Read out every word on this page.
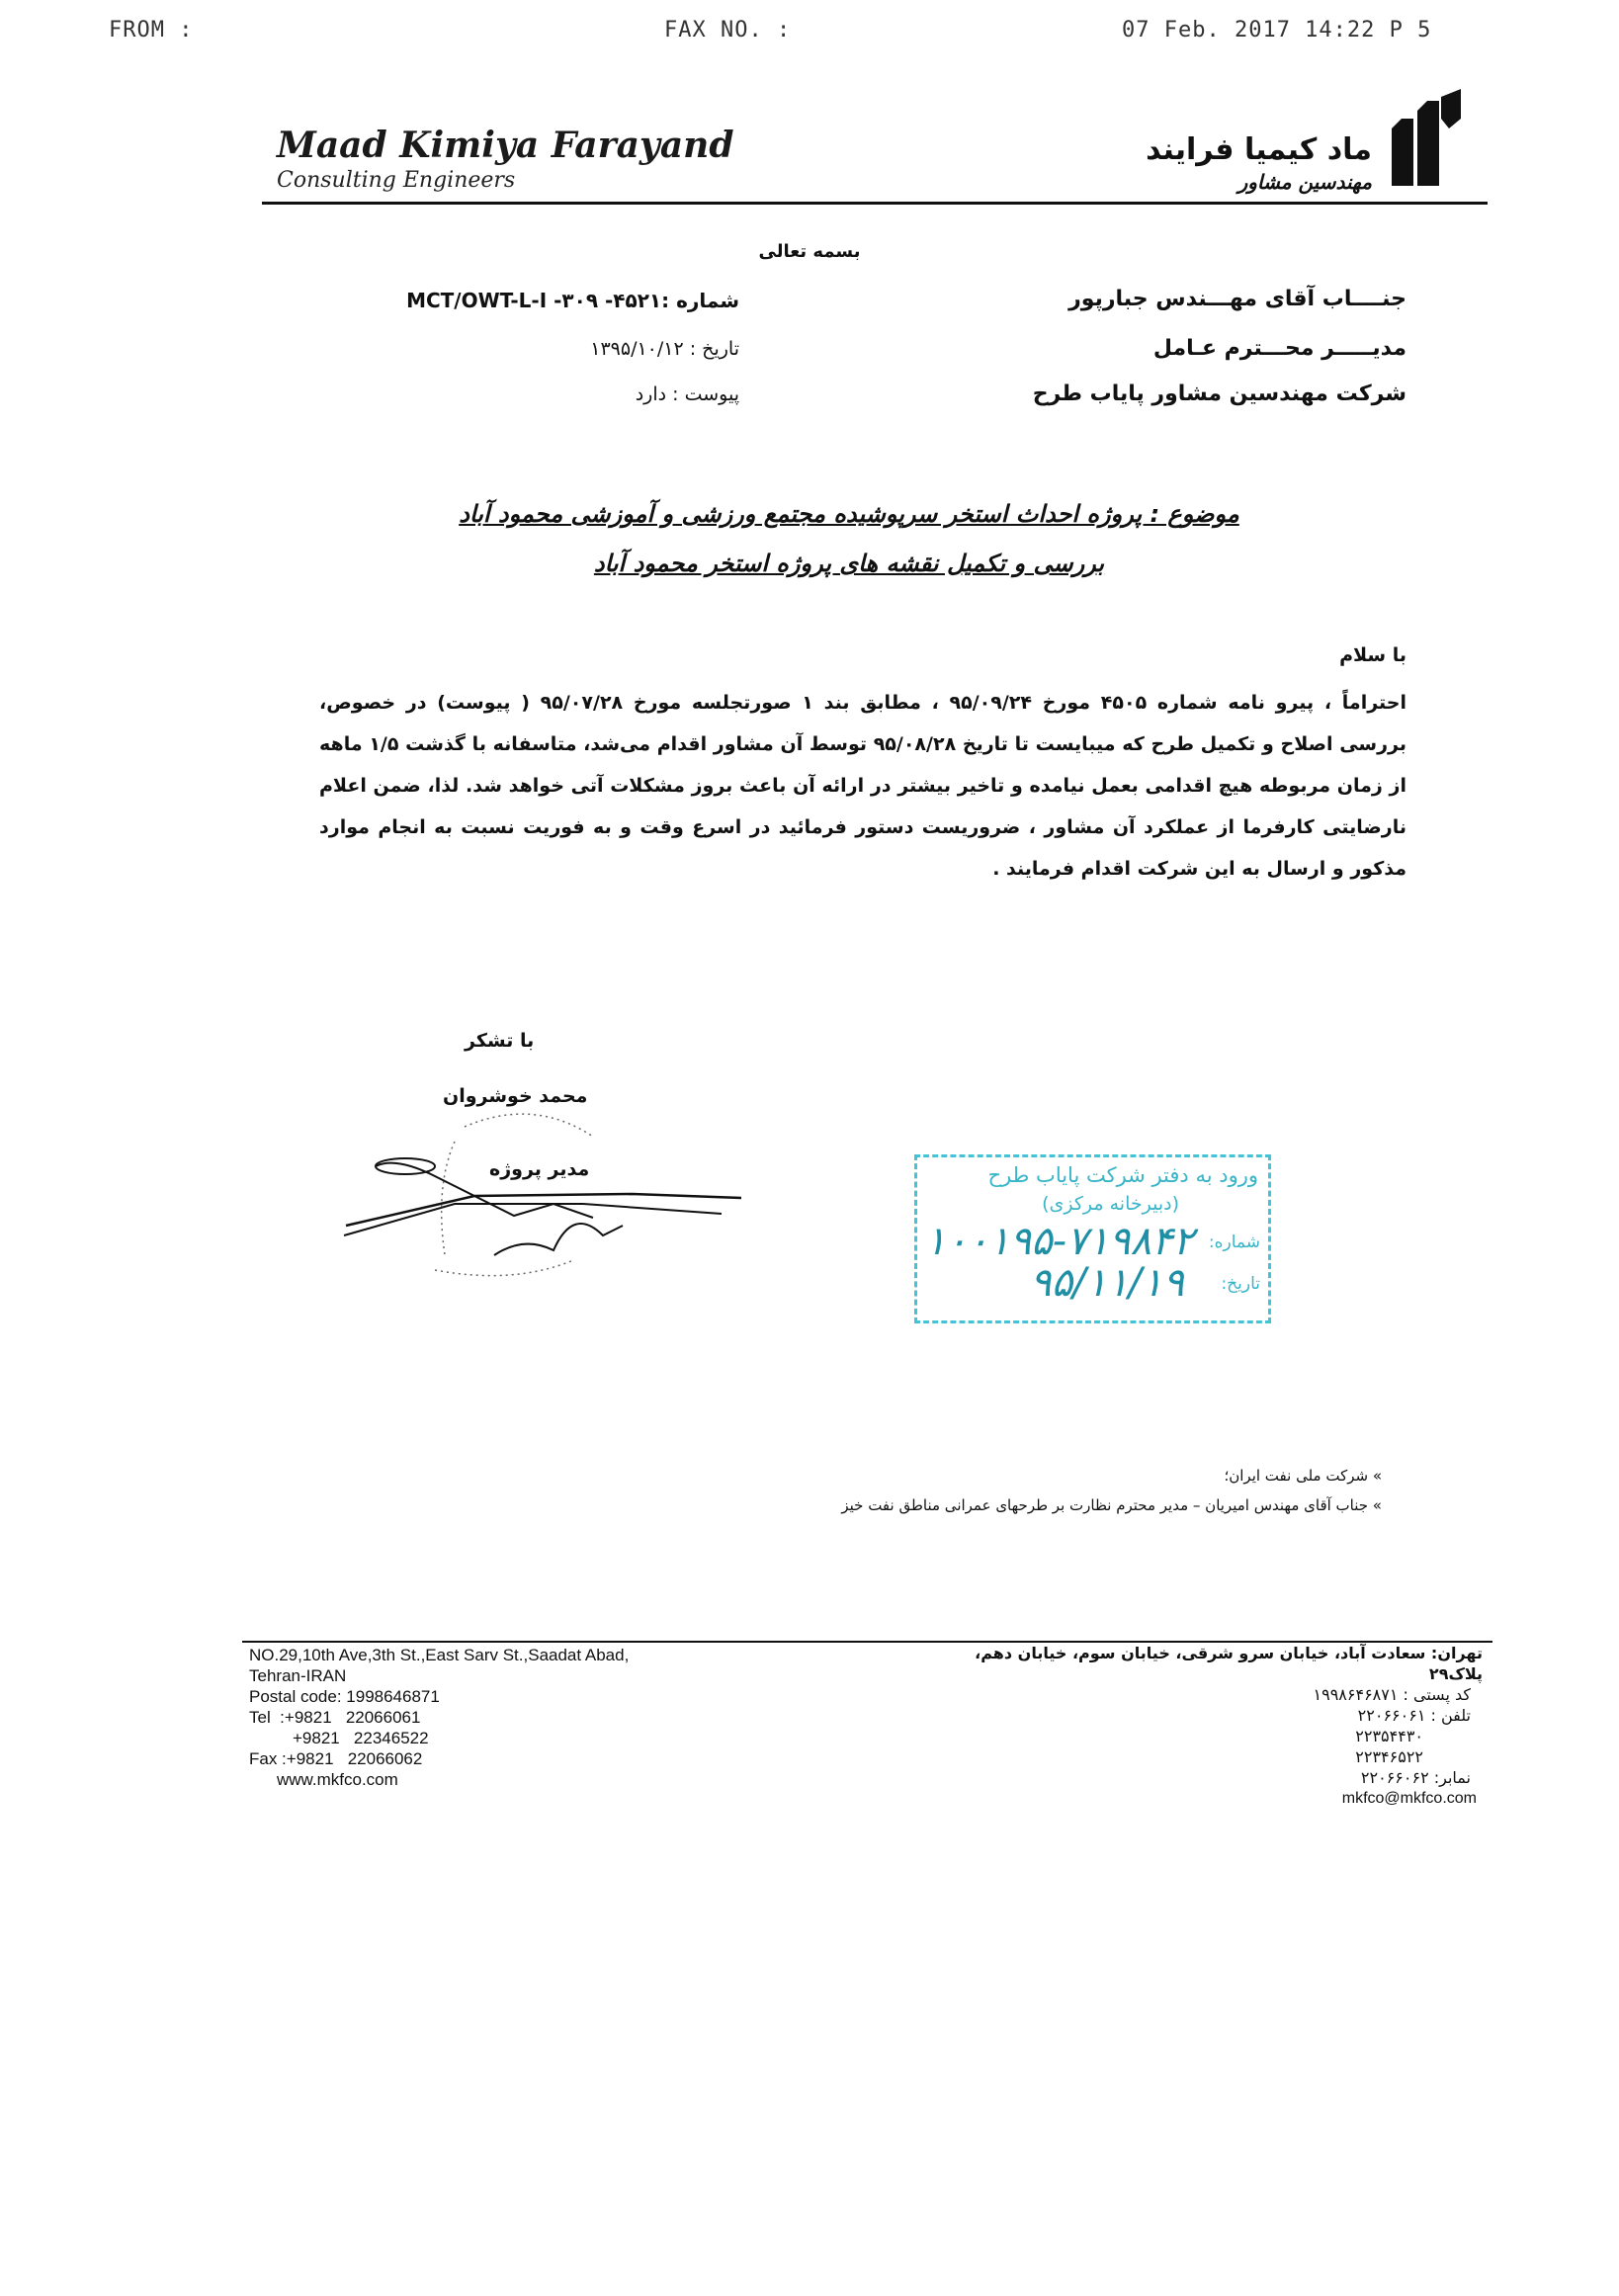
FROM :	FAX NO. :	07 Feb. 2017 14:22 P 5
Maad Kimiya Farayand
Consulting Engineers
ماد کیمیا فرایند
مهندسین مشاور
بسمه تعالی
جنــــاب آقای مهـــندس جبارپور
مدیـــــر محـــترم عـامل
شرکت مهندسین مشاور پایاب طرح
شماره :۴۵۲۱- MCT/OWT-L-I -۳۰۹
تاریخ : ۱۳۹۵/۱۰/۱۲
پیوست : دارد
موضوع : پروژه احداث استخر سرپوشیده مجتمع ورزشی و آموزشی محمود آباد
بررسی و تکمیل نقشه های پروژه استخر محمود آباد
با سلام
احتراماً ، پیرو نامه شماره ۴۵۰۵ مورخ ۹۵/۰۹/۲۴ ، مطابق بند ۱ صورتجلسه مورخ ۹۵/۰۷/۲۸ ( پیوست) در خصوص، بررسی اصلاح و تکمیل طرح که میبایست تا تاریخ ۹۵/۰۸/۲۸ توسط آن مشاور اقدام می‌شد، متاسفانه با گذشت ۱/۵ ماهه از زمان مربوطه هیچ اقدامی بعمل نیامده و تاخیر بیشتر در ارائه آن باعث بروز مشکلات آتی خواهد شد. لذا، ضمن اعلام نارضایتی کارفرما از عملکرد آن مشاور ، ضروریست دستور فرمائید در اسرع وقت و به فوریت نسبت به انجام موارد مذکور و ارسال به این شرکت اقدام فرمایند .
با تشکر
محمد خوشروان
مدیر پروژه	ورود به دفتر شرکت پایاب طرح
(دبیرخانه مرکزی)
شماره:
۱۰۰۱۹۵-۷۱۹۸۴۲
تاریخ:
۹۵/۱۱/۱۹
» شرکت ملی نفت ایران؛
» جناب آقای مهندس امیریان – مدیر محترم نظارت بر طرحهای عمرانی مناطق نفت خیز
NO.29,10th Ave,3th St.,East Sarv St.,Saadat Abad,
Tehran-IRAN
Postal code: 1998646871
Tel  :+9821   22066061
+9821   22346522
Fax :+9821   22066062
www.mkfco.com
تهران: سعادت آباد، خیابان سرو شرقی، خیابان سوم، خیابان دهم، پلاک۲۹
کد پستی : ۱۹۹۸۶۴۶۸۷۱
تلفن : ۲۲۰۶۶۰۶۱
۲۲۳۵۴۴۳۰
۲۲۳۴۶۵۲۲
نمابر: ۲۲۰۶۶۰۶۲
mkfco@mkfco.com
